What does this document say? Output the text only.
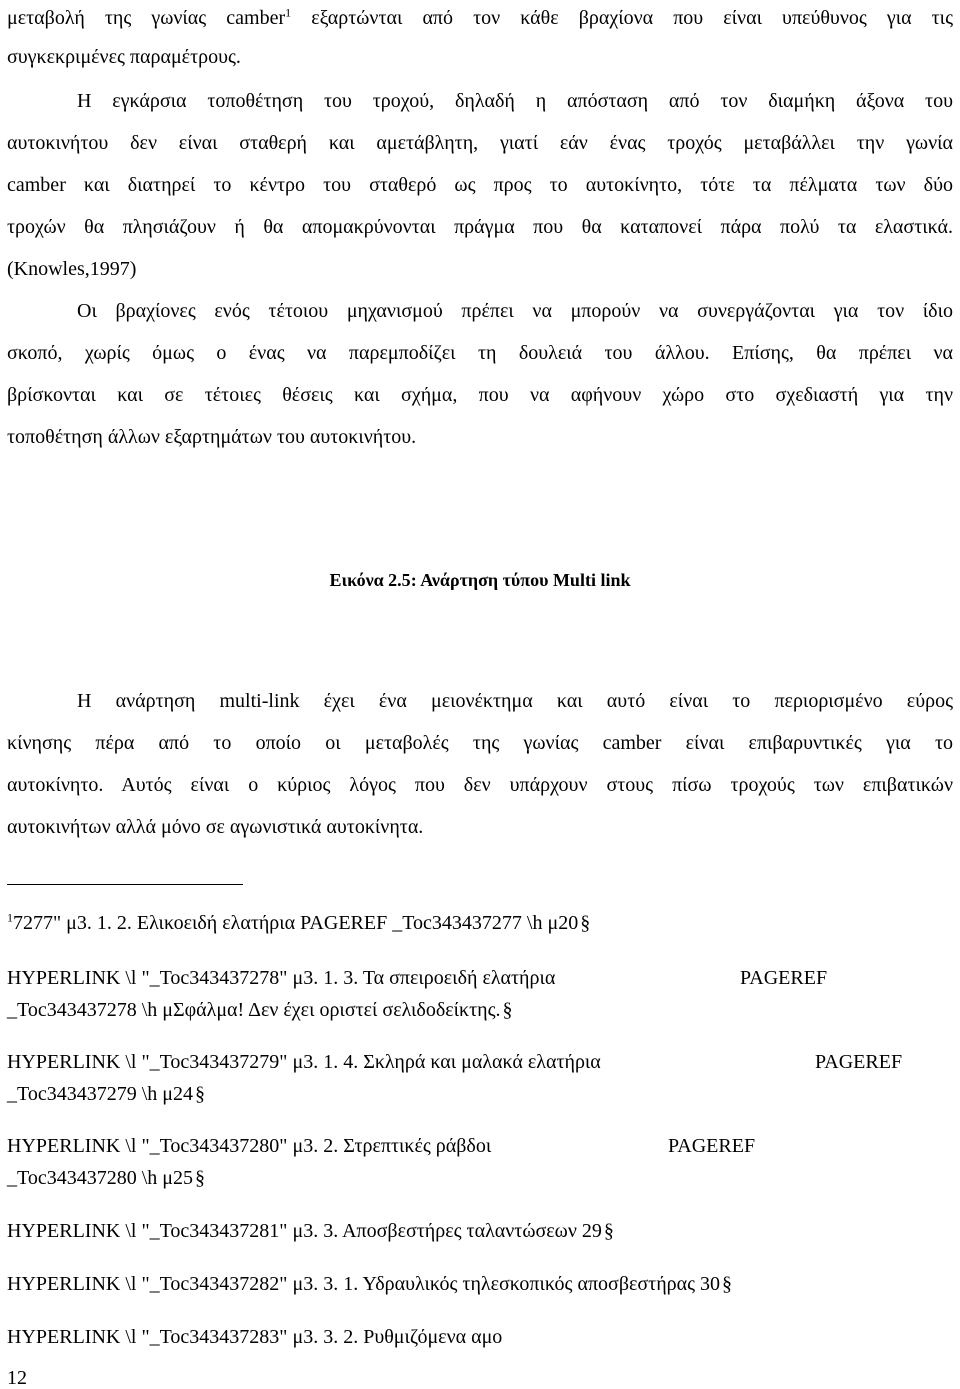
μεταβολή της γωνίας camber$^1$ εξαρτώνται από τον κάθε βραχίονα που είναι υπεύθυνος για τις
συγκεκριμένες παραμέτρους.
Η εγκάρσια τοποθέτηση του τροχού, δηλαδή η απόσταση από τον διαμήκη άξονα του
αυτοκινήτου δεν είναι σταθερή και αμετάβλητη, γιατί εάν ένας τροχός μεταβάλλει την γωνία
camber και διατηρεί το κέντρο του σταθερό ως προς το αυτοκίνητο, τότε τα πέλματα των δύο
τροχών θα πλησιάζουν ή θα απομακρύνονται πράγμα που θα καταπονεί πάρα πολύ τα ελαστικά.
(Knowles,1997)
Οι βραχίονες ενός τέτοιου μηχανισμού πρέπει να μπορούν να συνεργάζονται για τον ίδιο
σκοπό, χωρίς όμως ο ένας να παρεμποδίζει τη δουλειά του άλλου. Επίσης, θα πρέπει να
βρίσκονται και σε τέτοιες θέσεις και σχήμα, που να αφήνουν χώρο στο σχεδιαστή για την
τοποθέτηση άλλων εξαρτημάτων του αυτοκινήτου.
Εικόνα 2.5: Ανάρτηση τύπου Multi link
Η ανάρτηση multi-link έχει ένα μειονέκτημα και αυτό είναι το περιορισμένο εύρος
κίνησης πέρα από το οποίο οι μεταβολές της γωνίας camber είναι επιβαρυντικές για το
αυτοκίνητο. Αυτός είναι ο κύριος λόγος που δεν υπάρχουν στους πίσω τροχούς των επιβατικών
αυτοκινήτων αλλά μόνο σε αγωνιστικά αυτοκίνητα.
$^1$7277" μ3. 1. 2. Ελικοειδή ελατήρια PAGEREF _Toc343437277 \h μ20 §
HYPERLINK \l "_Toc343437278" μ3. 1. 3. Τα σπειροειδή ελατήρια	PAGEREF
_Toc343437278 \h μΣφάλμα! Δεν έχει οριστεί σελιδοδείκτης. §
HYPERLINK \l "_Toc343437279" μ3. 1. 4. Σκληρά και μαλακά ελατήρια	PAGEREF
_Toc343437279 \h μ24 §
HYPERLINK \l "_Toc343437280" μ3. 2. Στρεπτικές ράβδοι	PAGEREF
_Toc343437280 \h μ25 §
HYPERLINK \l "_Toc343437281" μ3. 3. Αποσβεστήρες ταλαντώσεων 29 §
HYPERLINK \l "_Toc343437282" μ3. 3. 1. Υδραυλικός τηλεσκοπικός αποσβεστήρας 30 §
HYPERLINK \l "_Toc343437283" μ3. 3. 2. Ρυθμιζόμενα αμο
12
